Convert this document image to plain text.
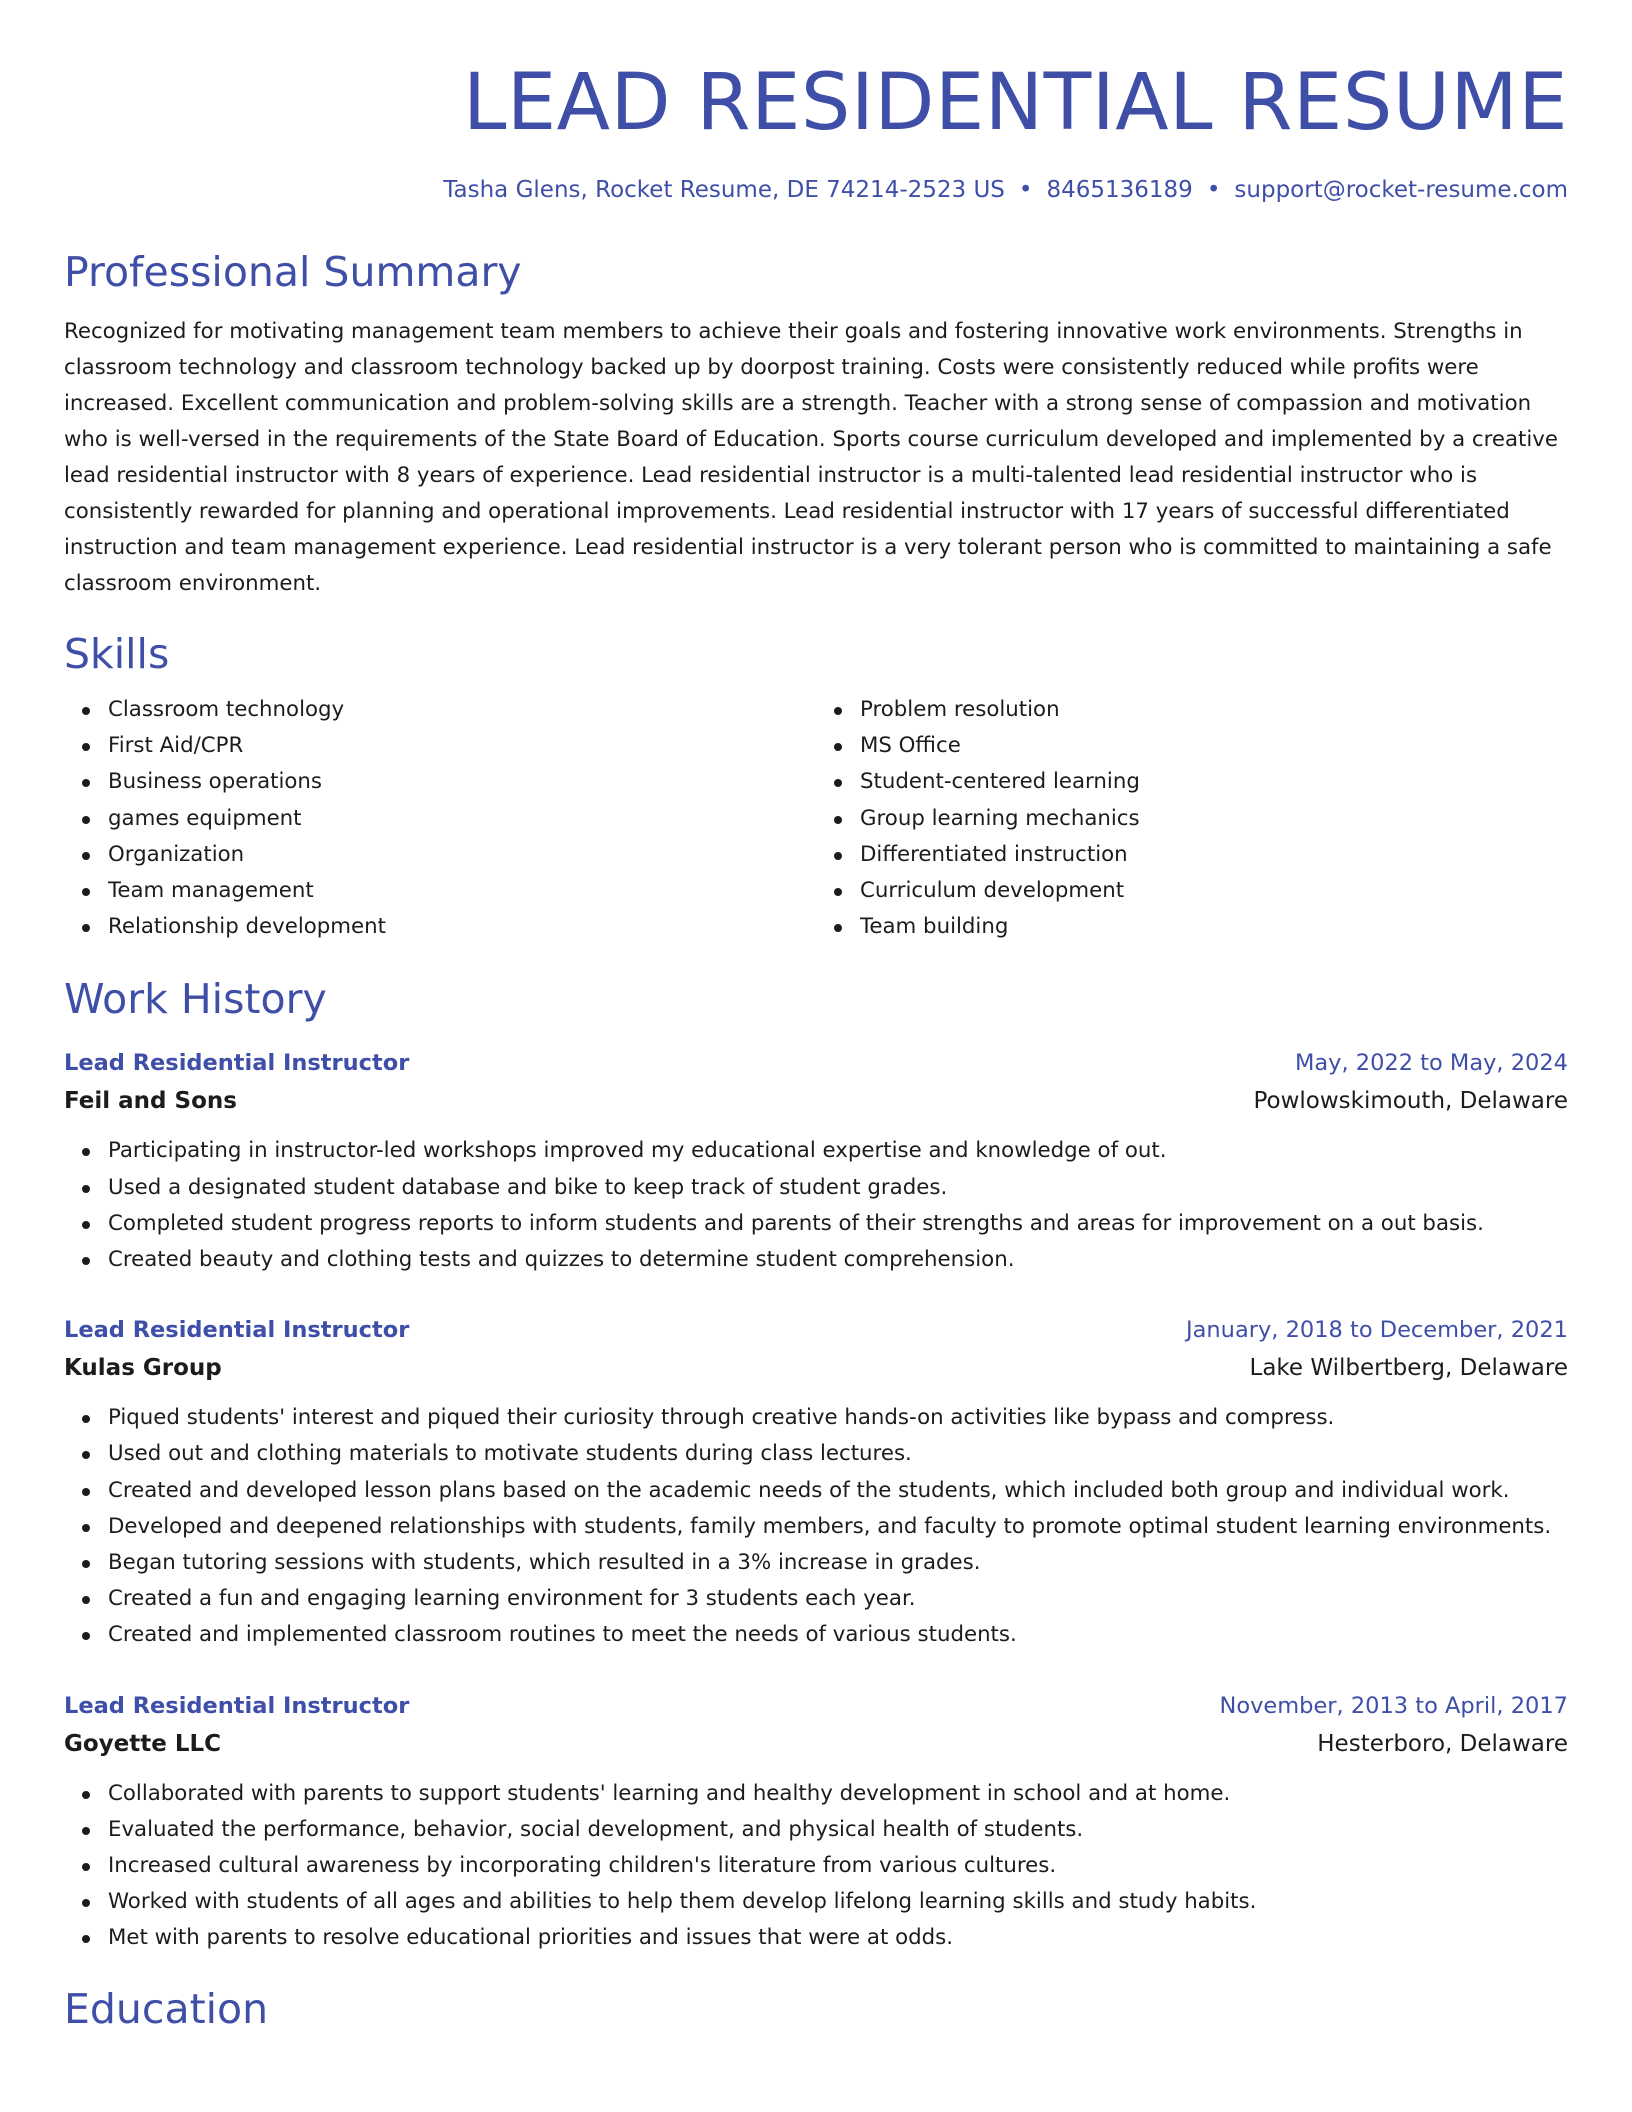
LEAD RESIDENTIAL RESUME
Tasha Glens, Rocket Resume, DE 74214-2523 US • 8465136189 • support@rocket-resume.com
Professional Summary

Recognized for motivating management team members to achieve their goals and fostering innovative work environments. Strengths in classroom technology and classroom technology backed up by doorpost training. Costs were consistently reduced while profits were increased. Excellent communication and problem-solving skills are a strength. Teacher with a strong sense of compassion and motivation who is well-versed in the requirements of the State Board of Education. Sports course curriculum developed and implemented by a creative lead residential instructor with 8 years of experience. Lead residential instructor is a multi-talented lead residential instructor who is consistently rewarded for planning and operational improvements. Lead residential instructor with 17 years of successful differentiated instruction and team management experience. Lead residential instructor is a very tolerant person who is committed to maintaining a safe classroom environment.

Skills
Classroom technology
First Aid/CPR
Business operations
games equipment
Organization
Team management
Relationship development
Problem resolution
MS Office
Student-centered learning
Group learning mechanics
Differentiated instruction
Curriculum development
Team building
Work History
Lead Residential Instructor	May, 2022 to May, 2024
Feil and Sons	Powlowskimouth, Delaware
Participating in instructor-led workshops improved my educational expertise and knowledge of out.
Used a designated student database and bike to keep track of student grades.
Completed student progress reports to inform students and parents of their strengths and areas for improvement on a out basis.
Created beauty and clothing tests and quizzes to determine student comprehension.
Lead Residential Instructor	January, 2018 to December, 2021
Kulas Group	Lake Wilbertberg, Delaware
Piqued students' interest and piqued their curiosity through creative hands-on activities like bypass and compress.
Used out and clothing materials to motivate students during class lectures.
Created and developed lesson plans based on the academic needs of the students, which included both group and individual work.
Developed and deepened relationships with students, family members, and faculty to promote optimal student learning environments.
Began tutoring sessions with students, which resulted in a 3% increase in grades.
Created a fun and engaging learning environment for 3 students each year.
Created and implemented classroom routines to meet the needs of various students.
Lead Residential Instructor	November, 2013 to April, 2017
Goyette LLC	Hesterboro, Delaware
Collaborated with parents to support students' learning and healthy development in school and at home.
Evaluated the performance, behavior, social development, and physical health of students.
Increased cultural awareness by incorporating children's literature from various cultures.
Worked with students of all ages and abilities to help them develop lifelong learning skills and study habits.
Met with parents to resolve educational priorities and issues that were at odds.
Education
